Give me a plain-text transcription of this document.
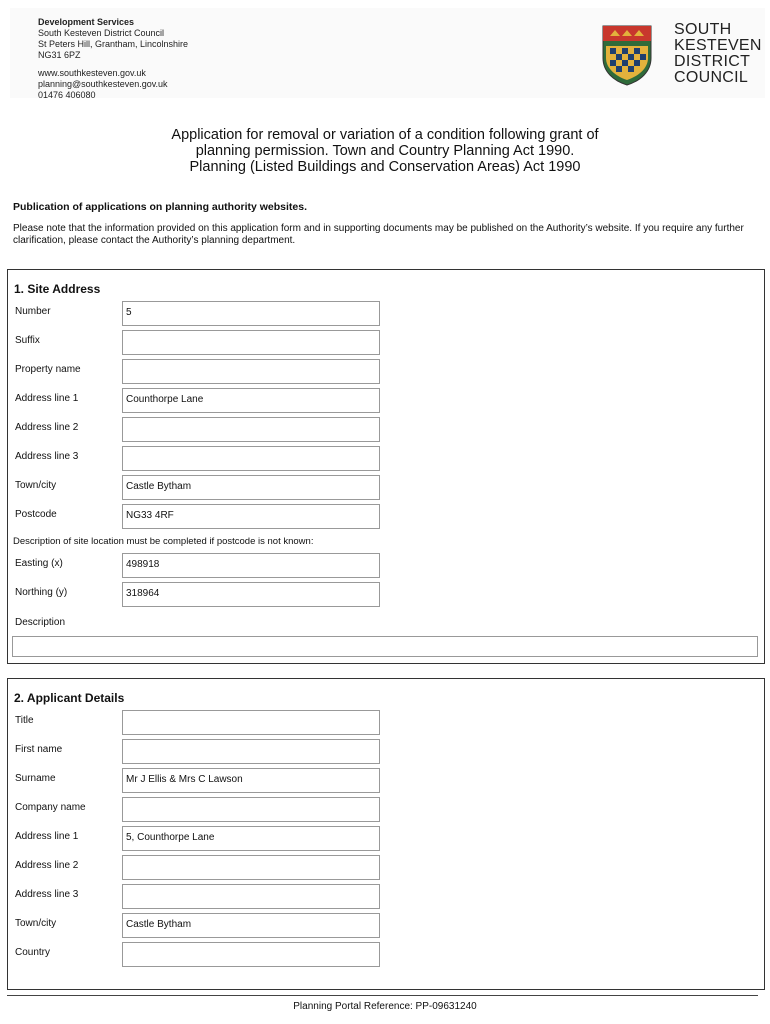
Development Services
South Kesteven District Council
St Peters Hill, Grantham, Lincolnshire
NG31 6PZ
www.southkesteven.gov.uk
planning@southkesteven.gov.uk
01476 406080
SOUTH
KESTEVEN
DISTRICT
COUNCIL
Application for removal or variation of a condition following grant of
planning permission. Town and Country Planning Act 1990.
Planning (Listed Buildings and Conservation Areas) Act 1990
Publication of applications on planning authority websites.
Please note that the information provided on this application form and in supporting documents may be published on the Authority’s website. If you require any further clarification, please contact the Authority’s planning department.
1. Site Address
Number	5
Suffix
Property name
Address line 1	Counthorpe Lane
Address line 2
Address line 3
Town/city	Castle Bytham
Postcode	NG33 4RF
Description of site location must be completed if postcode is not known:
Easting (x)	498918
Northing (y)	318964
Description
2. Applicant Details
Title
First name
Surname	Mr J Ellis & Mrs C Lawson
Company name
Address line 1	5, Counthorpe Lane
Address line 2
Address line 3
Town/city	Castle Bytham
Country
Planning Portal Reference: PP-09631240
